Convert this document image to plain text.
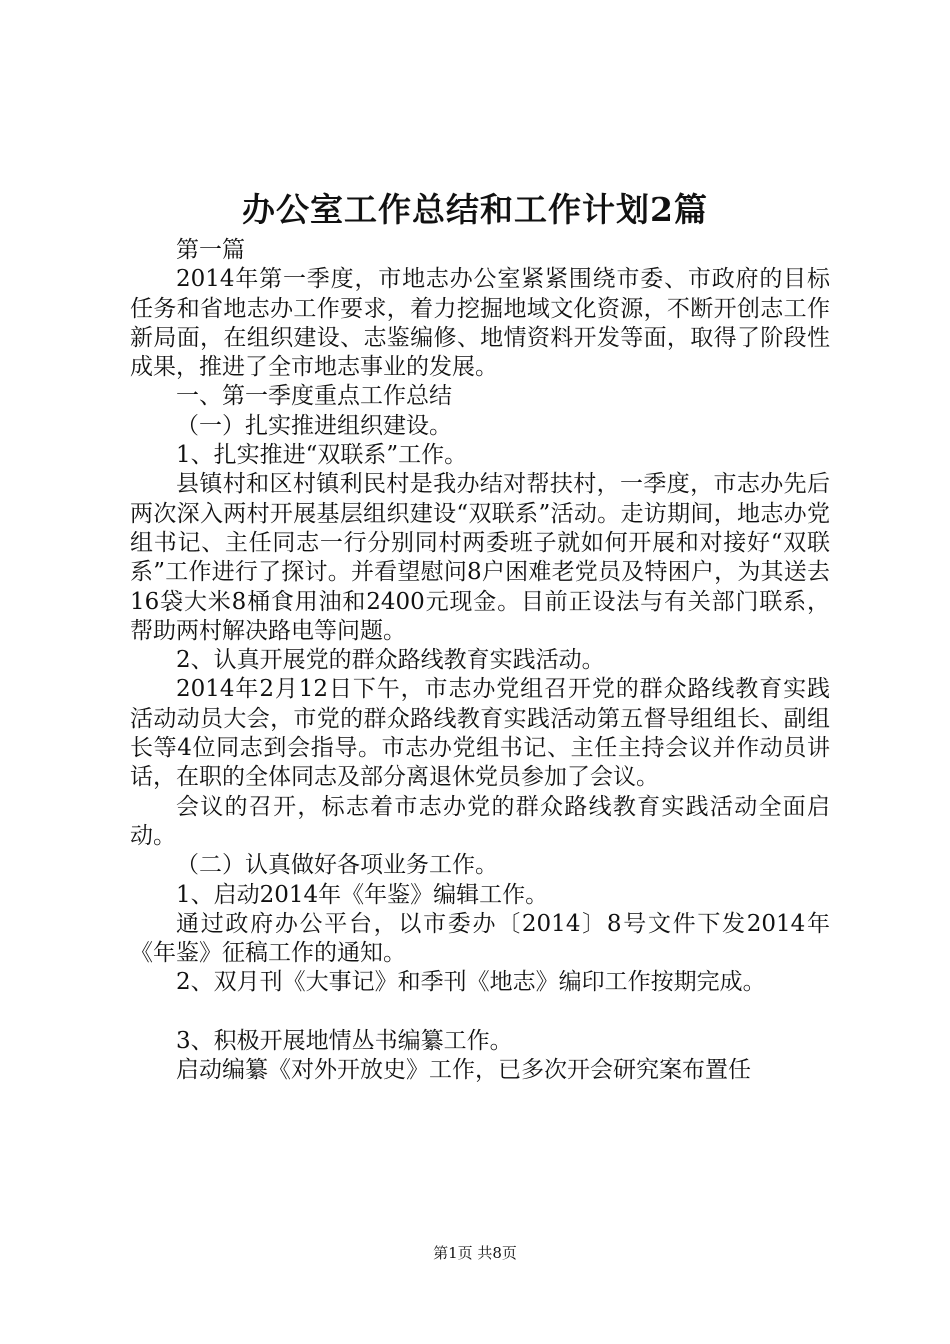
办公室工作总结和工作计划2篇

第一篇

2014年第一季度，市地志办公室紧紧围绕市委、市政府的目标任务和省地志办工作要求，着力挖掘地域文化资源，不断开创志工作新局面，在组织建设、志鉴编修、地情资料开发等面，取得了阶段性成果，推进了全市地志事业的发展。

一、第一季度重点工作总结

（一）扎实推进组织建设。

1、扎实推进“双联系”工作。

县镇村和区村镇利民村是我办结对帮扶村，一季度，市志办先后两次深入两村开展基层组织建设“双联系”活动。走访期间，地志办党组书记、主任同志一行分别同村两委班子就如何开展和对接好“双联系”工作进行了探讨。并看望慰问8户困难老党员及特困户，为其送去16袋大米8桶食用油和2400元现金。目前正设法与有关部门联系，帮助两村解决路电等问题。

2、认真开展党的群众路线教育实践活动。

2014年2月12日下午，市志办党组召开党的群众路线教育实践活动动员大会，市党的群众路线教育实践活动第五督导组组长、副组长等4位同志到会指导。市志办党组书记、主任主持会议并作动员讲话，在职的全体同志及部分离退休党员参加了会议。

会议的召开，标志着市志办党的群众路线教育实践活动全面启动。

（二）认真做好各项业务工作。

1、启动2014年《年鉴》编辑工作。

通过政府办公平台，以市委办〔2014〕8号文件下发2014年《年鉴》征稿工作的通知。

2、双月刊《大事记》和季刊《地志》编印工作按期完成。

3、积极开展地情丛书编纂工作。

启动编纂《对外开放史》工作，已多次开会研究案布置任

第1页 共8页
